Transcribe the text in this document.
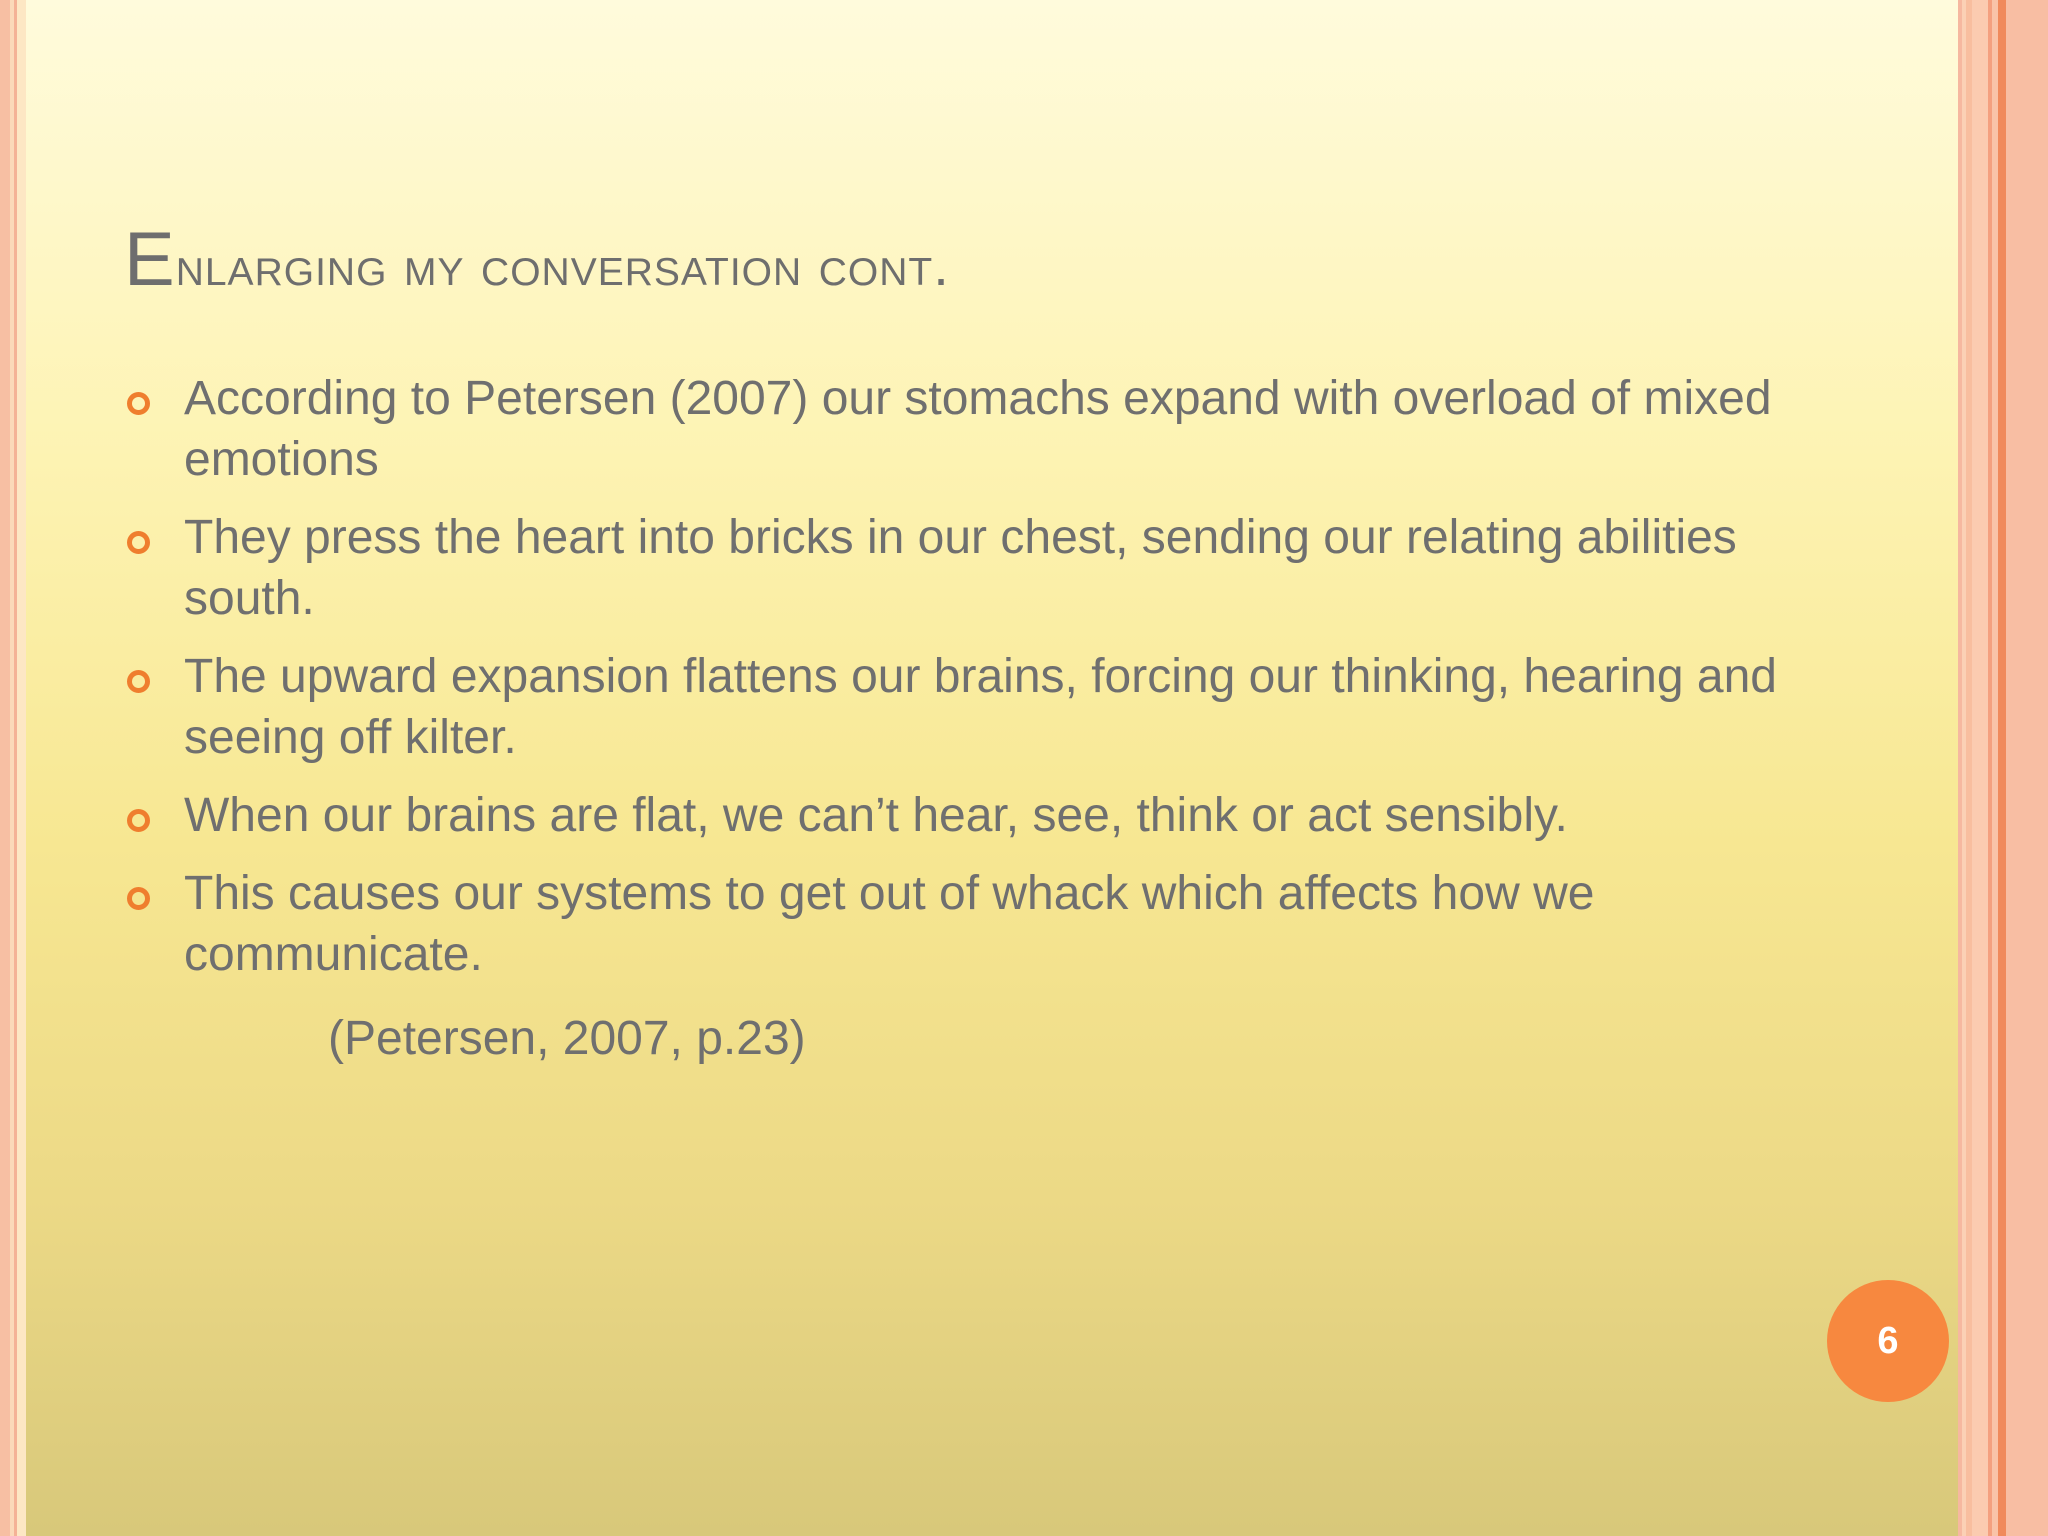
Enlarging my conversation cont.
According to Petersen (2007) our stomachs expand with overload of mixed emotions
They press the heart into bricks in our chest, sending our relating abilities south.
The upward expansion flattens our brains, forcing our thinking, hearing and seeing off kilter.
When our brains are flat, we can’t hear, see, think or act sensibly.
This causes our systems to get out of whack which affects how we communicate.
(Petersen, 2007, p.23)
6
